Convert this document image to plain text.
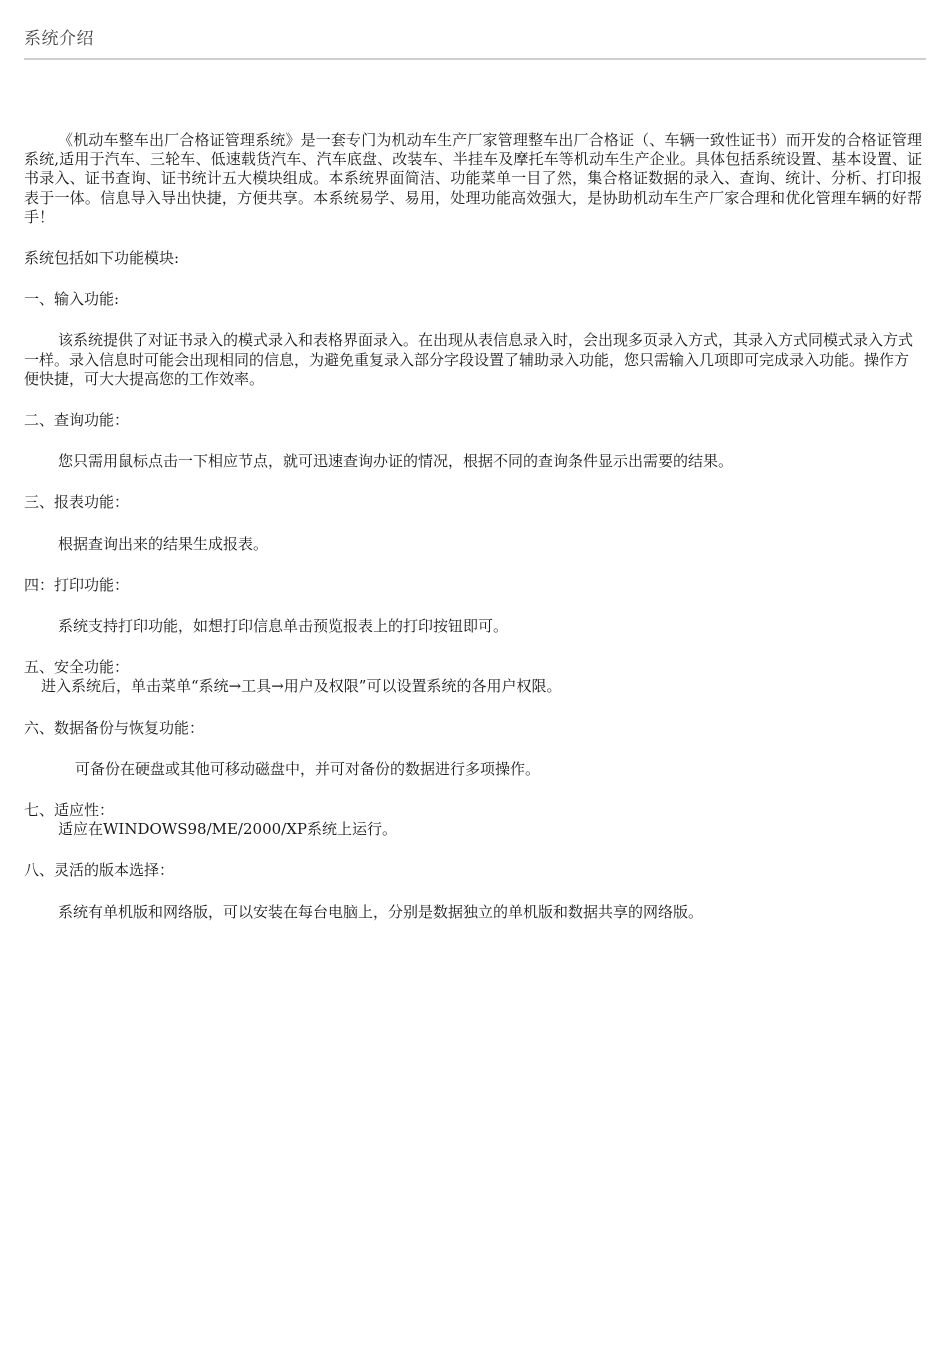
系统介绍

《机动车整车出厂合格证管理系统》是一套专门为机动车生产厂家管理整车出厂合格证（、车辆一致性证书）而开发的合格证管理系统,适用于汽车、三轮车、低速载货汽车、汽车底盘、改装车、半挂车及摩托车等机动车生产企业。具体包括系统设置、基本设置、证书录入、证书查询、证书统计五大模块组成。本系统界面简洁、功能菜单一目了然，集合格证数据的录入、查询、统计、分析、打印报表于一体。信息导入导出快捷，方便共享。本系统易学、易用，处理功能高效强大，是协助机动车生产厂家合理和优化管理车辆的好帮手！

系统包括如下功能模块:

一、输入功能:

该系统提供了对证书录入的模式录入和表格界面录入。在出现从表信息录入时，会出现多页录入方式，其录入方式同模式录入方式一样。录入信息时可能会出现相同的信息，为避免重复录入部分字段设置了辅助录入功能，您只需输入几项即可完成录入功能。操作方便快捷，可大大提高您的工作效率。

二、查询功能：

您只需用鼠标点击一下相应节点，就可迅速查询办证的情况，根据不同的查询条件显示出需要的结果。

三、报表功能：

根据查询出来的结果生成报表。

四：打印功能：

系统支持打印功能，如想打印信息单击预览报表上的打印按钮即可。

五、安全功能：

进入系统后，单击菜单“系统→工具→用户及权限”可以设置系统的各用户权限。

六、数据备份与恢复功能：

可备份在硬盘或其他可移动磁盘中，并可对备份的数据进行多项操作。

七、适应性：

适应在WINDOWS98/ME/2000/XP系统上运行。

八、灵活的版本选择：

系统有单机版和网络版，可以安装在每台电脑上，分别是数据独立的单机版和数据共享的网络版。
